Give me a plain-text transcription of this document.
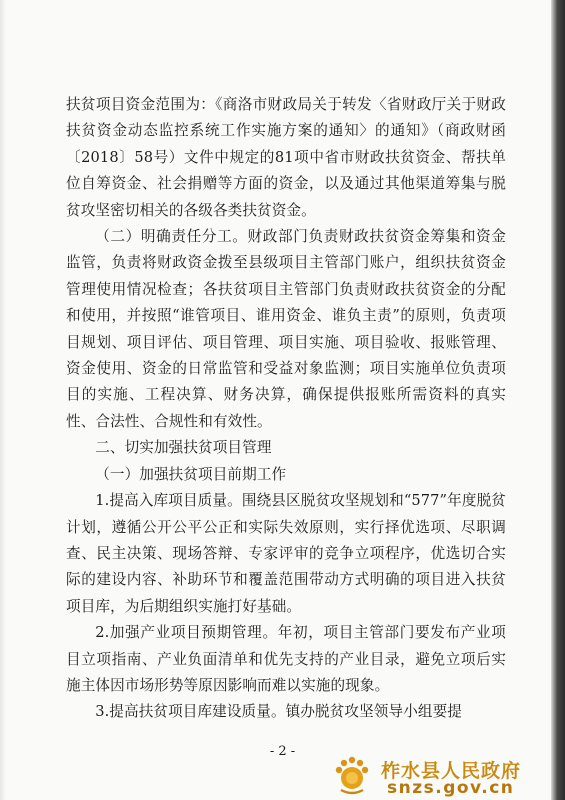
扶贫项目资金范围为：《商洛市财政局关于转发〈省财政厅关于财政扶贫资金动态监控系统工作实施方案的通知〉的通知》（商政财函〔2018〕58号）文件中规定的81项中省市财政扶贫资金、帮扶单位自筹资金、社会捐赠等方面的资金，以及通过其他渠道筹集与脱贫攻坚密切相关的各级各类扶贫资金。

（二）明确责任分工。财政部门负责财政扶贫资金筹集和资金监管，负责将财政资金拨至县级项目主管部门账户，组织扶贫资金管理使用情况检查；各扶贫项目主管部门负责财政扶贫资金的分配和使用，并按照“谁管项目、谁用资金、谁负主责”的原则，负责项目规划、项目评估、项目管理、项目实施、项目验收、报账管理、资金使用、资金的日常监管和受益对象监测；项目实施单位负责项目的实施、工程决算、财务决算，确保提供报账所需资料的真实性、合法性、合规性和有效性。

二、切实加强扶贫项目管理

（一）加强扶贫项目前期工作

1.提高入库项目质量。围绕县区脱贫攻坚规划和“577”年度脱贫计划，遵循公开公平公正和实际失效原则，实行择优选项、尽职调查、民主决策、现场答辩、专家评审的竞争立项程序，优选切合实际的建设内容、补助环节和覆盖范围带动方式明确的项目进入扶贫项目库，为后期组织实施打好基础。

2.加强产业项目预期管理。年初，项目主管部门要发布产业项目立项指南、产业负面清单和优先支持的产业目录，避免立项后实施主体因市场形势等原因影响而难以实施的现象。

3.提高扶贫项目库建设质量。镇办脱贫攻坚领导小组要提

- 2 -
柞水县人民政府
snzs.gov.cn
